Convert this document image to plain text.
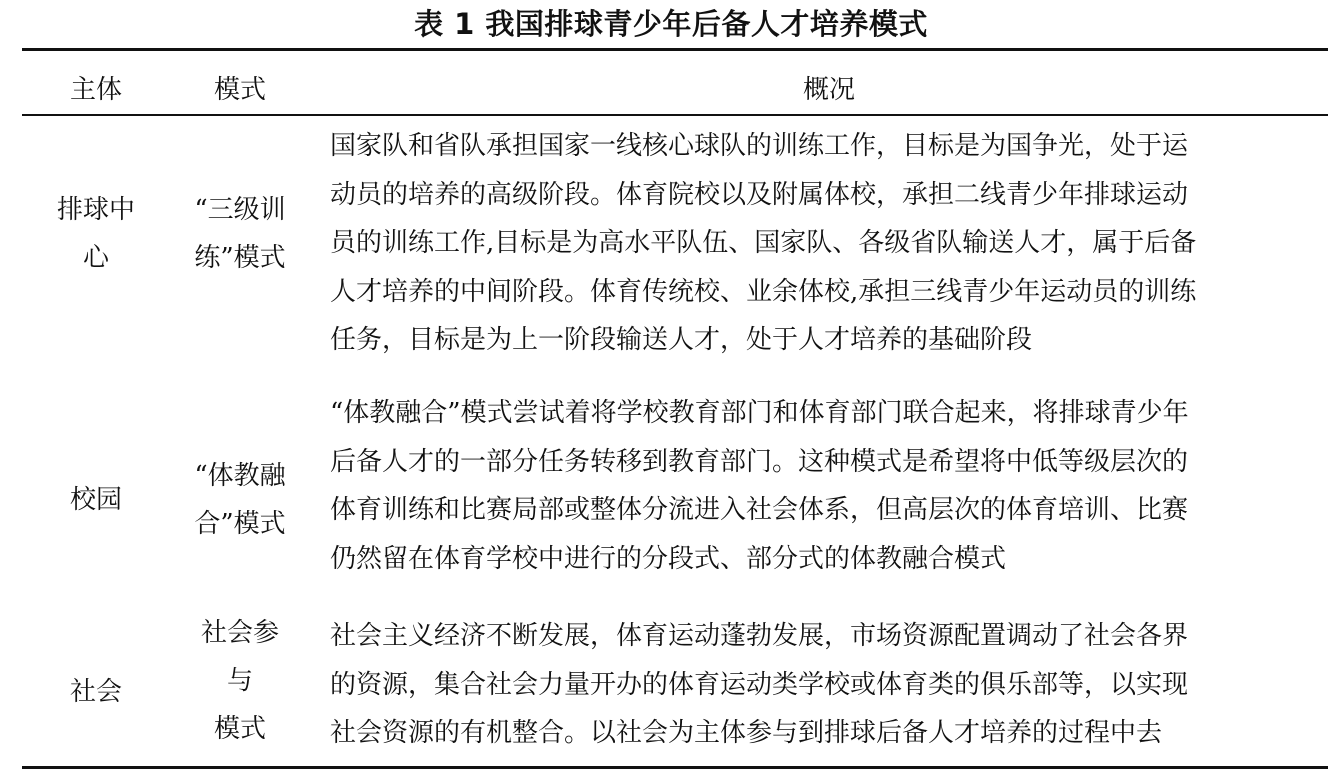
表 1 我国排球青少年后备人才培养模式
主体	模式	概况
排球中
心
“三级训
练”模式
国家队和省队承担国家一线核心球队的训练工作，目标是为国争光，处于运
动员的培养的高级阶段。体育院校以及附属体校，承担二线青少年排球运动
员的训练工作,目标是为高水平队伍、国家队、各级省队输送人才，属于后备
人才培养的中间阶段。体育传统校、业余体校,承担三线青少年运动员的训练
任务，目标是为上一阶段输送人才，处于人才培养的基础阶段
校园
“体教融
合”模式
“体教融合”模式尝试着将学校教育部门和体育部门联合起来，将排球青少年
后备人才的一部分任务转移到教育部门。这种模式是希望将中低等级层次的
体育训练和比赛局部或整体分流进入社会体系，但高层次的体育培训、比赛
仍然留在体育学校中进行的分段式、部分式的体教融合模式
社会
社会参
与
模式
社会主义经济不断发展，体育运动蓬勃发展，市场资源配置调动了社会各界
的资源，集合社会力量开办的体育运动类学校或体育类的俱乐部等，以实现
社会资源的有机整合。以社会为主体参与到排球后备人才培养的过程中去
